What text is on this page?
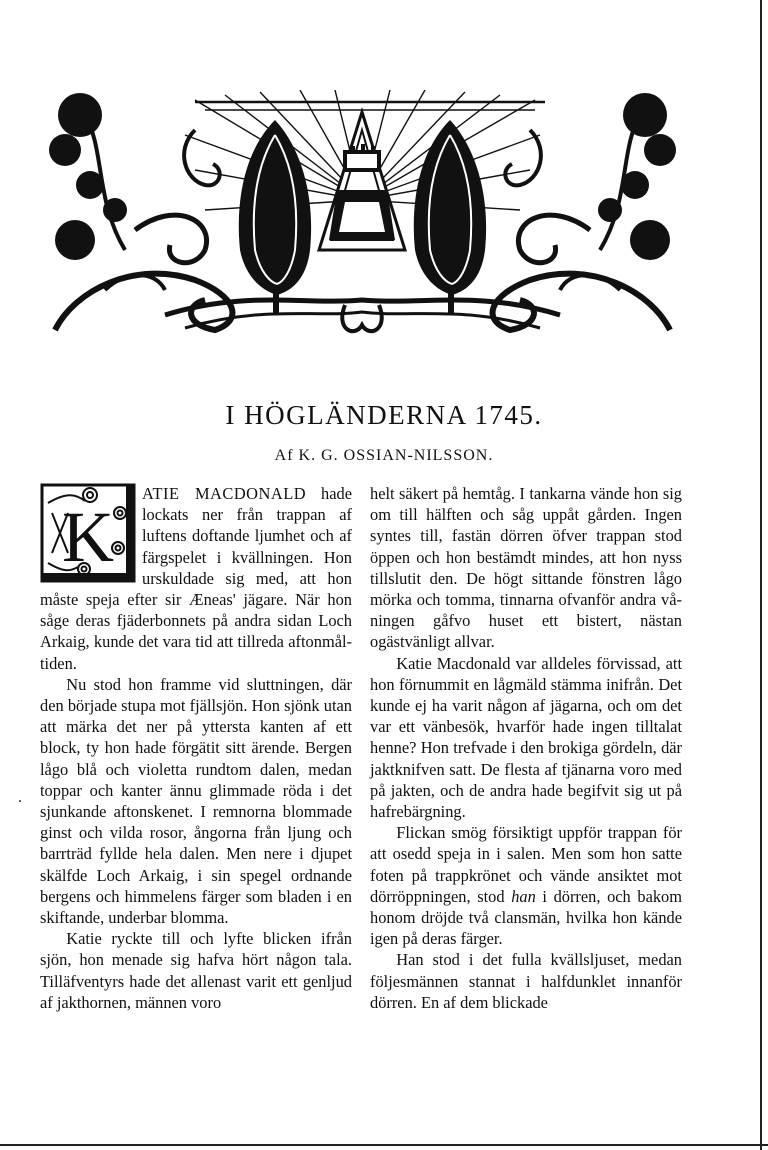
.
I HÖGLÄNDERNA 1745.
Af K. G. OSSIAN-NILSSON.

K
ATIE MACDONALD hade lockats ner från trappan af luftens doftande ljumhet och af färgspelet i kvällningen. Hon urskuldade sig med, att hon måste speja efter sir Æneas' jägare. När hon såge deras fjäderbonnets på andra sidan Loch Arkaig, kunde det vara tid att tillreda aftonmåltiden.

Nu stod hon framme vid sluttningen, där den började stupa mot fjällsjön. Hon sjönk utan att märka det ner på yttersta kanten af ett block, ty hon hade förgätit sitt ärende. Bergen lågo blå och violetta rundtom dalen, medan toppar och kanter ännu glimmade röda i det sjunkande aftonskenet. I remnorna blommade ginst och vilda rosor, ångorna från ljung och barrträd fyllde hela dalen. Men nere i djupet skälfde Loch Arkaig, i sin spegel ordnande bergens och himmelens färger som bladen i en skiftande, underbar blomma.

Katie ryckte till och lyfte blicken ifrån sjön, hon menade sig hafva hört någon tala. Tilläfventyrs hade det allenast varit ett genljud af jakthornen, männen voro

helt säkert på hemtåg. I tankarna vände hon sig om till hälften och såg uppåt gården. Ingen syntes till, fastän dörren öfver trappan stod öppen och hon bestämdt mindes, att hon nyss tillslutit den. De högt sittande fönstren lågo mörka och tomma, tinnarna ofvanför andra våningen gåfvo huset ett bistert, nästan ogästvänligt allvar.

Katie Macdonald var alldeles förvissad, att hon förnummit en lågmäld stämma inifrån. Det kunde ej ha varit någon af jägarna, och om det var ett vänbesök, hvarför hade ingen tilltalat henne? Hon trefvade i den brokiga gördeln, där jaktknifven satt. De flesta af tjänarna voro med på jakten, och de andra hade begifvit sig ut på hafrebärgning.

Flickan smög försiktigt uppför trappan för att osedd speja in i salen. Men som hon satte foten på trappkrönet och vände ansiktet mot dörröppningen, stod han i dörren, och bakom honom dröjde två clansmän, hvilka hon kände igen på deras färger.

Han stod i det fulla kvällsljuset, medan följesmännen stannat i halfdunklet innanför dörren. En af dem blickade
